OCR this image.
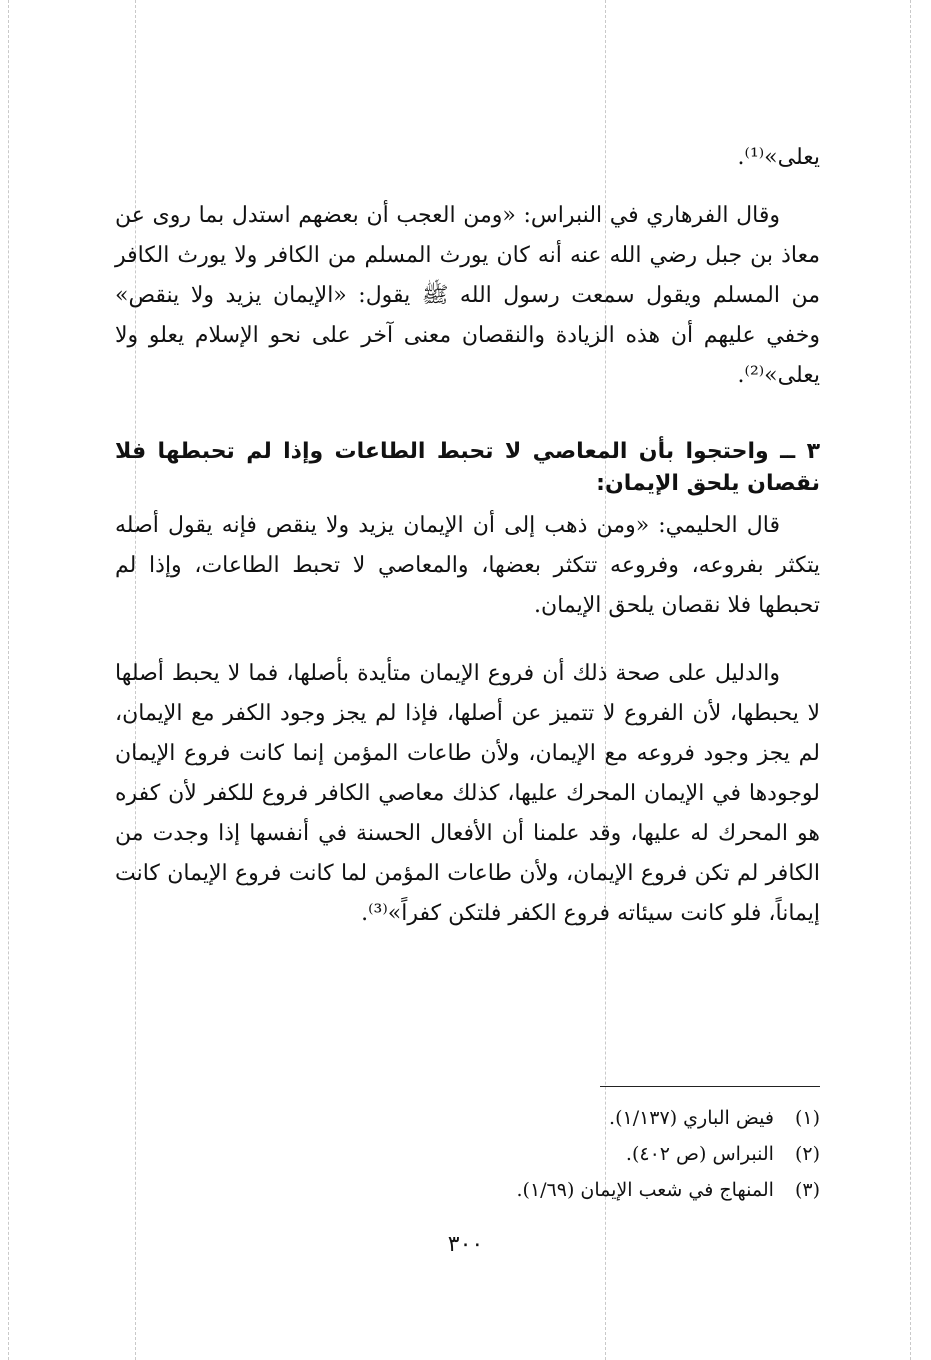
يعلى»⁽¹⁾.

وقال الفرهاري في النبراس: «ومن العجب أن بعضهم استدل بما روى عن معاذ بن جبل رضي الله عنه أنه كان يورث المسلم من الكافر ولا يورث الكافر من المسلم ويقول سمعت رسول الله ﷺ يقول: «الإيمان يزيد ولا ينقص» وخفي عليهم أن هذه الزيادة والنقصان معنى آخر على نحو الإسلام يعلو ولا يعلى»⁽²⁾.

٣ ــ واحتجوا بأن المعاصي لا تحبط الطاعات وإذا لم تحبطها فلا نقصان يلحق الإيمان:

قال الحليمي: «ومن ذهب إلى أن الإيمان يزيد ولا ينقص فإنه يقول أصله يتكثر بفروعه، وفروعه تتكثر بعضها، والمعاصي لا تحبط الطاعات، وإذا لم تحبطها فلا نقصان يلحق الإيمان.

والدليل على صحة ذلك أن فروع الإيمان متأيدة بأصلها، فما لا يحبط أصلها لا يحبطها، لأن الفروع لا تتميز عن أصلها، فإذا لم يجز وجود الكفر مع الإيمان، لم يجز وجود فروعه مع الإيمان، ولأن طاعات المؤمن إنما كانت فروع الإيمان لوجودها في الإيمان المحرك عليها، كذلك معاصي الكافر فروع للكفر لأن كفره هو المحرك له عليها، وقد علمنا أن الأفعال الحسنة في أنفسها إذا وجدت من الكافر لم تكن فروع الإيمان، ولأن طاعات المؤمن لما كانت فروع الإيمان كانت إيماناً، فلو كانت سيئاته فروع الكفر فلتكن كفراً»⁽³⁾.

(١) فيض الباري (١/١٣٧).
(٢) النبراس (ص ٤٠٢).
(٣) المنهاج في شعب الإيمان (١/٦٩).
٣٠٠
